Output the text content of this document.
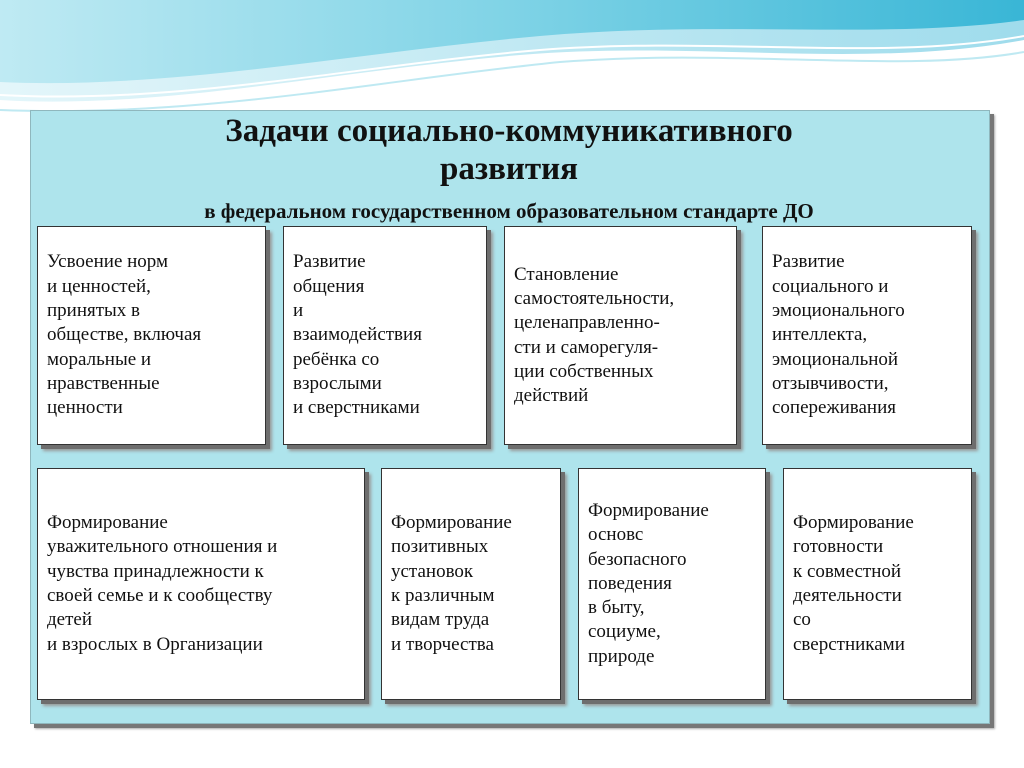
Задачи социально-коммуникативного
развития
в федеральном государственном образовательном стандарте ДО
Усвоение норм
и ценностей,
принятых в
обществе, включая
моральные и
нравственные
ценности
Развитие
общения
и
взаимодействия
ребёнка со
взрослыми
и сверстниками
Становление
самостоятельности,
целенаправленно-
сти и саморегуля-
ции собственных
действий
Развитие
социального и
эмоционального
интеллекта,
эмоциональной
отзывчивости,
сопереживания
Формирование
уважительного отношения и
чувства принадлежности к
своей семье и к сообществу
детей
и взрослых в Организации
Формирование
позитивных
установок
к различным
видам труда
и творчества
Формирование
основс
безопасного
поведения
в быту,
социуме,
природе
Формирование
готовности
к совместной
деятельности
со
сверстниками
